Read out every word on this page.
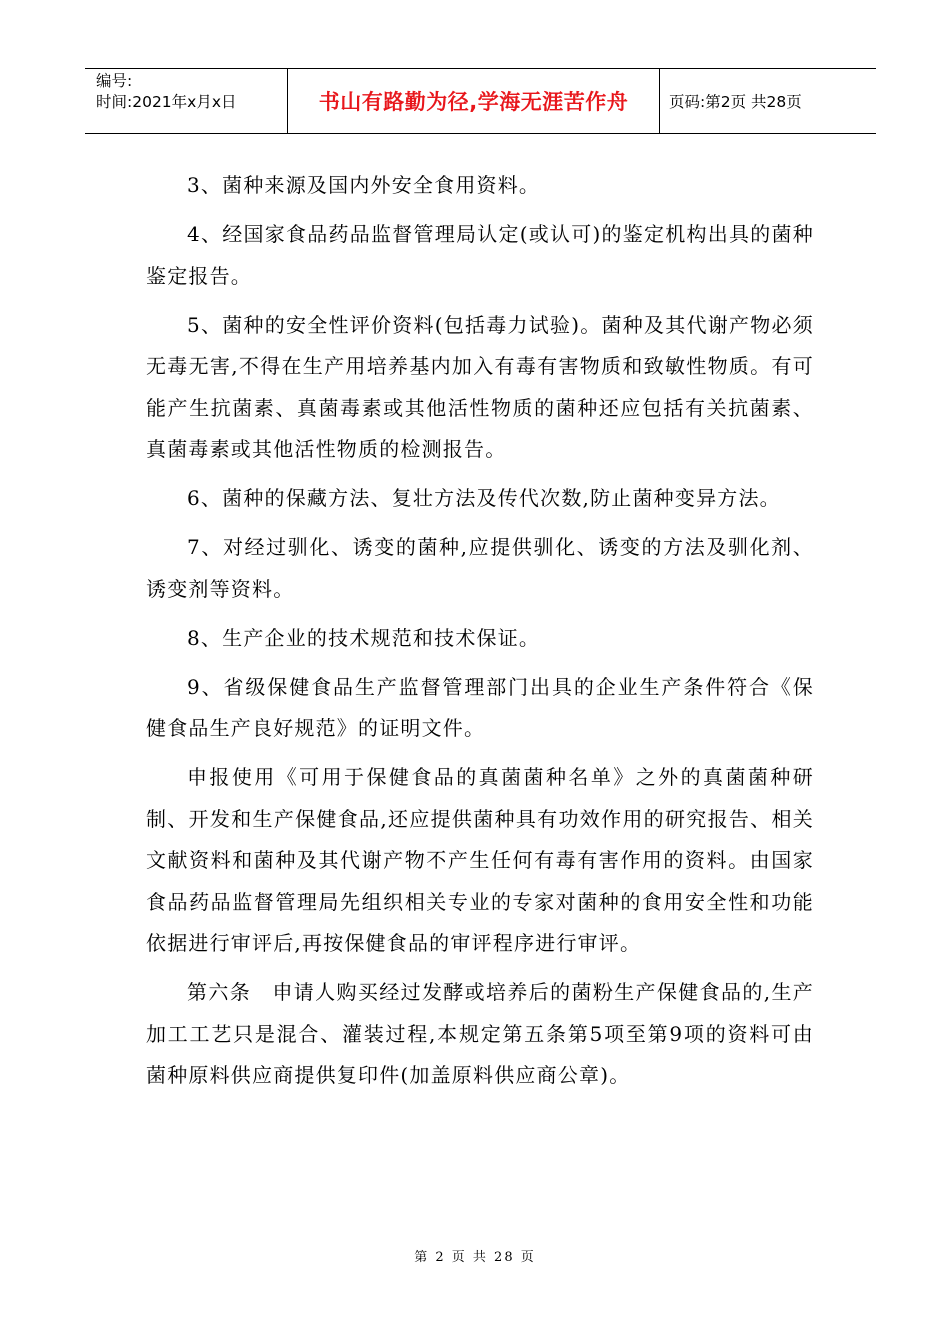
编号:
时间:2021年x月x日	书山有路勤为径,学海无涯苦作舟	页码:第2页 共28页

3、菌种来源及国内外安全食用资料。

4、经国家食品药品监督管理局认定(或认可)的鉴定机构出具的菌种鉴定报告。

5、菌种的安全性评价资料(包括毒力试验)。菌种及其代谢产物必须无毒无害,不得在生产用培养基内加入有毒有害物质和致敏性物质。有可能产生抗菌素、真菌毒素或其他活性物质的菌种还应包括有关抗菌素、真菌毒素或其他活性物质的检测报告。

6、菌种的保藏方法、复壮方法及传代次数,防止菌种变异方法。

7、对经过驯化、诱变的菌种,应提供驯化、诱变的方法及驯化剂、诱变剂等资料。

8、生产企业的技术规范和技术保证。

9、省级保健食品生产监督管理部门出具的企业生产条件符合《保健食品生产良好规范》的证明文件。

申报使用《可用于保健食品的真菌菌种名单》之外的真菌菌种研制、开发和生产保健食品,还应提供菌种具有功效作用的研究报告、相关文献资料和菌种及其代谢产物不产生任何有毒有害作用的资料。由国家食品药品监督管理局先组织相关专业的专家对菌种的食用安全性和功能依据进行审评后,再按保健食品的审评程序进行审评。

第六条　申请人购买经过发酵或培养后的菌粉生产保健食品的,生产加工工艺只是混合、灌装过程,本规定第五条第5项至第9项的资料可由菌种原料供应商提供复印件(加盖原料供应商公章)。

第 2 页 共 28 页
